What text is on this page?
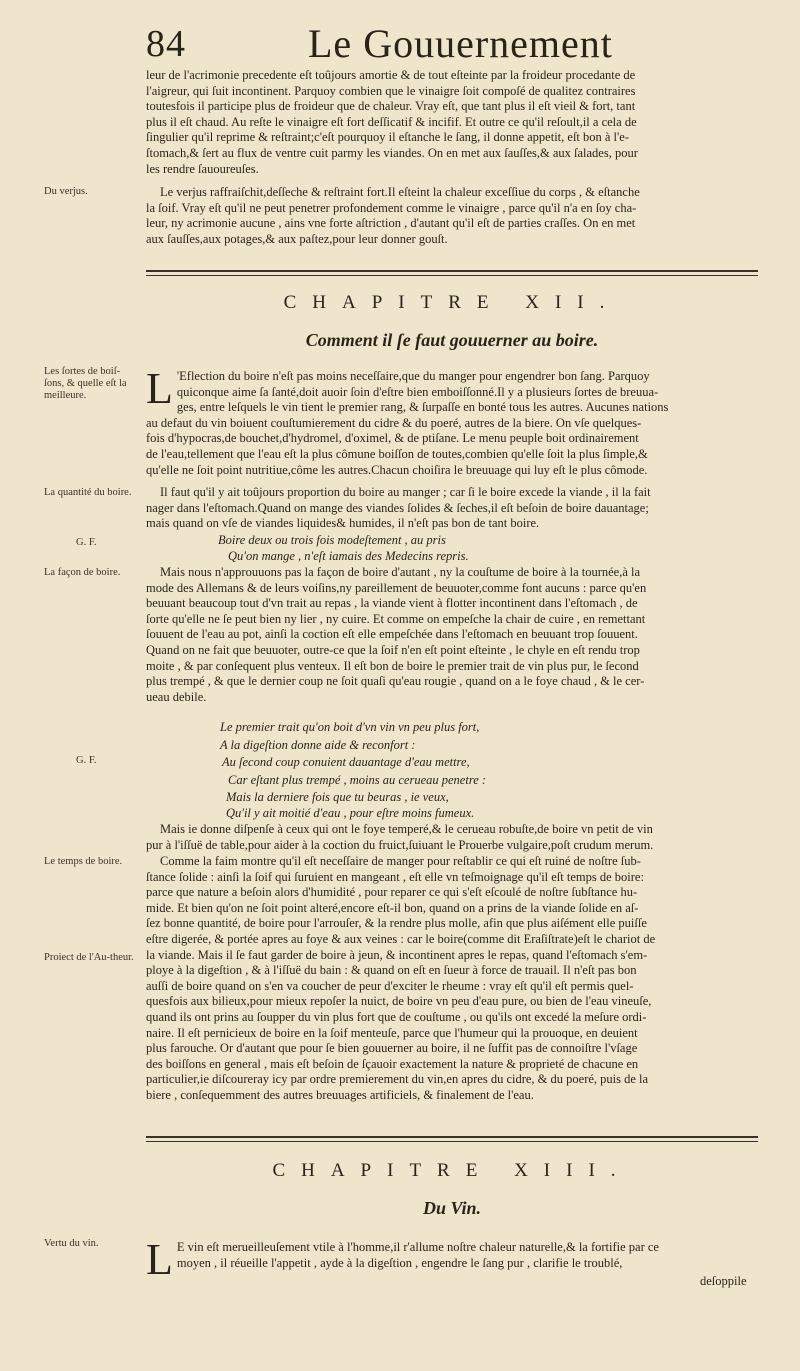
84	Le Gouuernement

leur de l'acrimonie precedente eſt toûjours amortie & de tout eſteinte par la froideur procedante de

l'aigreur, qui ſuit incontinent. Parquoy combien que le vinaigre ſoit compoſé de qualitez contraires

toutesfois il participe plus de froideur que de chaleur. Vray eſt, que tant plus il eſt vieil & fort, tant

plus il eſt chaud. Au reſte le vinaigre eſt fort deſſicatif & incifif. Et outre ce qu'il reſoult,il a cela de

ſingulier qu'il reprime & reſtraint;c'eſt pourquoy il eſtanche le ſang, il donne appetit, eſt bon à l'e-

ſtomach,& ſert au flux de ventre cuit parmy les viandes. On en met aux ſauſſes,& aux ſalades, pour

les rendre ſauoureuſes.

Du verjus.	Le verjus raffraiſchit,deſſeche & reſtraint fort.Il eſteint la chaleur exceſſiue du corps , & eſtanche

la ſoif. Vray eſt qu'il ne peut penetrer profondement comme le vinaigre , parce qu'il n'a en ſoy cha-

leur, ny acrimonie aucune , ains vne forte aſtriction , d'autant qu'il eſt de parties craſſes. On en met

aux ſauſſes,aux potages,& aux paſtez,pour leur donner gouſt.

CHAPITRE XII.
Comment il ſe faut gouuerner au boire.
Les ſortes de boiſ-ſons, & quelle eſt la meilleure.	L 'Eflection du boire n'eſt pas moins neceſſaire,que du manger pour engendrer bon ſang. Parquoy

quiconque aime ſa ſanté,doit auoir ſoin d'eſtre bien emboiſſonné.Il y a plusieurs ſortes de breuua-

ges, entre leſquels le vin tient le premier rang, & ſurpaſſe en bonté tous les autres. Aucunes nations

au defaut du vin boiuent couſtumierement du cidre & du poeré, autres de la biere. On vſe quelques-

fois d'hypocras,de bouchet,d'hydromel, d'oximel, & de ptiſane. Le menu peuple boit ordinairement

de l'eau,tellement que l'eau eſt la plus cômune boiſſon de toutes,combien qu'elle ſoit la plus ſimple,&

qu'elle ne ſoit point nutritiue,côme les autres.Chacun choiſira le breuuage qui luy eſt le plus cômode.

La quantité du boire.	Il faut qu'il y ait toûjours proportion du boire au manger ; car ſi le boire excede la viande , il la fait

nager dans l'eſtomach.Quand on mange des viandes ſolides & ſeches,il eſt beſoin de boire dauantage;

mais quand on vſe de viandes liquides& humides, il n'eſt pas bon de tant boire.

G. F.	Boire deux ou trois fois modeſtement , au pris
Qu'on mange , n'eſt iamais des Medecins repris.
La façon de boire.	Mais nous n'approuuons pas la façon de boire d'autant , ny la couſtume de boire à la tournée,à la

mode des Allemans & de leurs voiſins,ny pareillement de beuuoter,comme font aucuns : parce qu'en

beuuant beaucoup tout d'vn trait au repas , la viande vient à flotter incontinent dans l'eſtomach , de

ſorte qu'elle ne ſe peut bien ny lier , ny cuire. Et comme on empeſche la chair de cuire , en remettant

ſouuent de l'eau au pot, ainſi la coction eſt elle empeſchée dans l'eſtomach en beuuant trop ſouuent.

Quand on ne fait que beuuoter, outre-ce que la ſoif n'en eſt point eſteinte , le chyle en eſt rendu trop

moite , & par conſequent plus venteux. Il eſt bon de boire le premier trait de vin plus pur, le ſecond

plus trempé , & que le dernier coup ne ſoit quaſi qu'eau rougie , quand on a le foye chaud , & le cer-

ueau debile.

Le premier trait qu'on boit d'vn vin vn peu plus fort,
A la digeſtion donne aide & reconfort :
G. F.	Au ſecond coup conuient dauantage d'eau mettre,
Car eſtant plus trempé , moins au cerueau penetre :
Mais la derniere fois que tu beuras , ie veux,
Qu'il y ait moitié d'eau , pour eſtre moins fumeux.

Mais ie donne diſpenſe à ceux qui ont le foye temperé,& le cerueau robuſte,de boire vn petit de vin

pur à l'iſſuë de table,pour aider à la coction du fruict,ſuiuant le Prouerbe vulgaire,poſt crudum merum.

Le temps de boire.
Proiect de l'Au-theur.

Comme la faim montre qu'il eſt neceſſaire de manger pour reſtablir ce qui eſt ruiné de noſtre ſub-

ſtance ſolide : ainſi la ſoif qui ſuruient en mangeant , eſt elle vn teſmoignage qu'il eſt temps de boire:

parce que nature a beſoin alors d'humidité , pour reparer ce qui s'eſt eſcoulé de noſtre ſubſtance hu-

mide. Et bien qu'on ne ſoit point alteré,encore eſt-il bon, quand on a prins de la viande ſolide en aſ-

ſez bonne quantité, de boire pour l'arrouſer, & la rendre plus molle, afin que plus aiſément elle puiſſe

eſtre digerée, & portée apres au foye & aux veines : car le boire(comme dit Eraſiſtrate)eſt le chariot de

la viande. Mais il ſe faut garder de boire à jeun, & incontinent apres le repas, quand l'eſtomach s'em-

ploye à la digeſtion , & à l'iſſuë du bain : & quand on eſt en ſueur à force de trauail. Il n'eſt pas bon

auſſi de boire quand on s'en va coucher de peur d'exciter le rheume : vray eſt qu'il eſt permis quel-

quesfois aux bilieux,pour mieux repoſer la nuict, de boire vn peu d'eau pure, ou bien de l'eau vineuſe,

quand ils ont prins au ſoupper du vin plus fort que de couſtume , ou qu'ils ont excedé la meſure ordi-

naire. Il eſt pernicieux de boire en la ſoif menteuſe, parce que l'humeur qui la prouoque, en deuient

plus farouche. Or d'autant que pour ſe bien gouuerner au boire, il ne ſuffit pas de connoiſtre l'vſage

des boiſſons en general , mais eſt beſoin de ſçauoir exactement la nature & proprieté de chacune en

particulier,ie diſcoureray icy par ordre premierement du vin,en apres du cidre, & du poeré, puis de la

biere , conſequemment des autres breuuages artificiels, & finalement de l'eau.

CHAPITRE XIII.
Du Vin.
Vertu du vin.	L E vin eſt merueilleuſement vtile à l'homme,il r'allume noſtre chaleur naturelle,& la fortifie par ce

moyen , il réueille l'appetit , ayde à la digeſtion , engendre le ſang pur , clarifie le troublé,

deſoppile
